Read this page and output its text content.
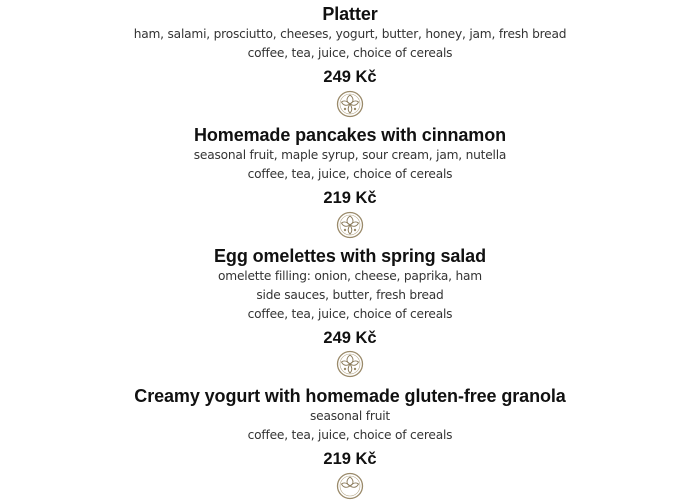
Platter
ham, salami, prosciutto, cheeses, yogurt, butter, honey, jam, fresh bread
coffee, tea, juice, choice of cereals
249 Kč
Homemade pancakes with cinnamon
seasonal fruit, maple syrup, sour cream, jam, nutella
coffee, tea, juice, choice of cereals
219 Kč
Egg omelettes with spring salad
omelette filling: onion, cheese, paprika, ham
side sauces, butter, fresh bread
coffee, tea, juice, choice of cereals
249 Kč
Creamy yogurt with homemade gluten-free granola
seasonal fruit
coffee, tea, juice, choice of cereals
219 Kč
